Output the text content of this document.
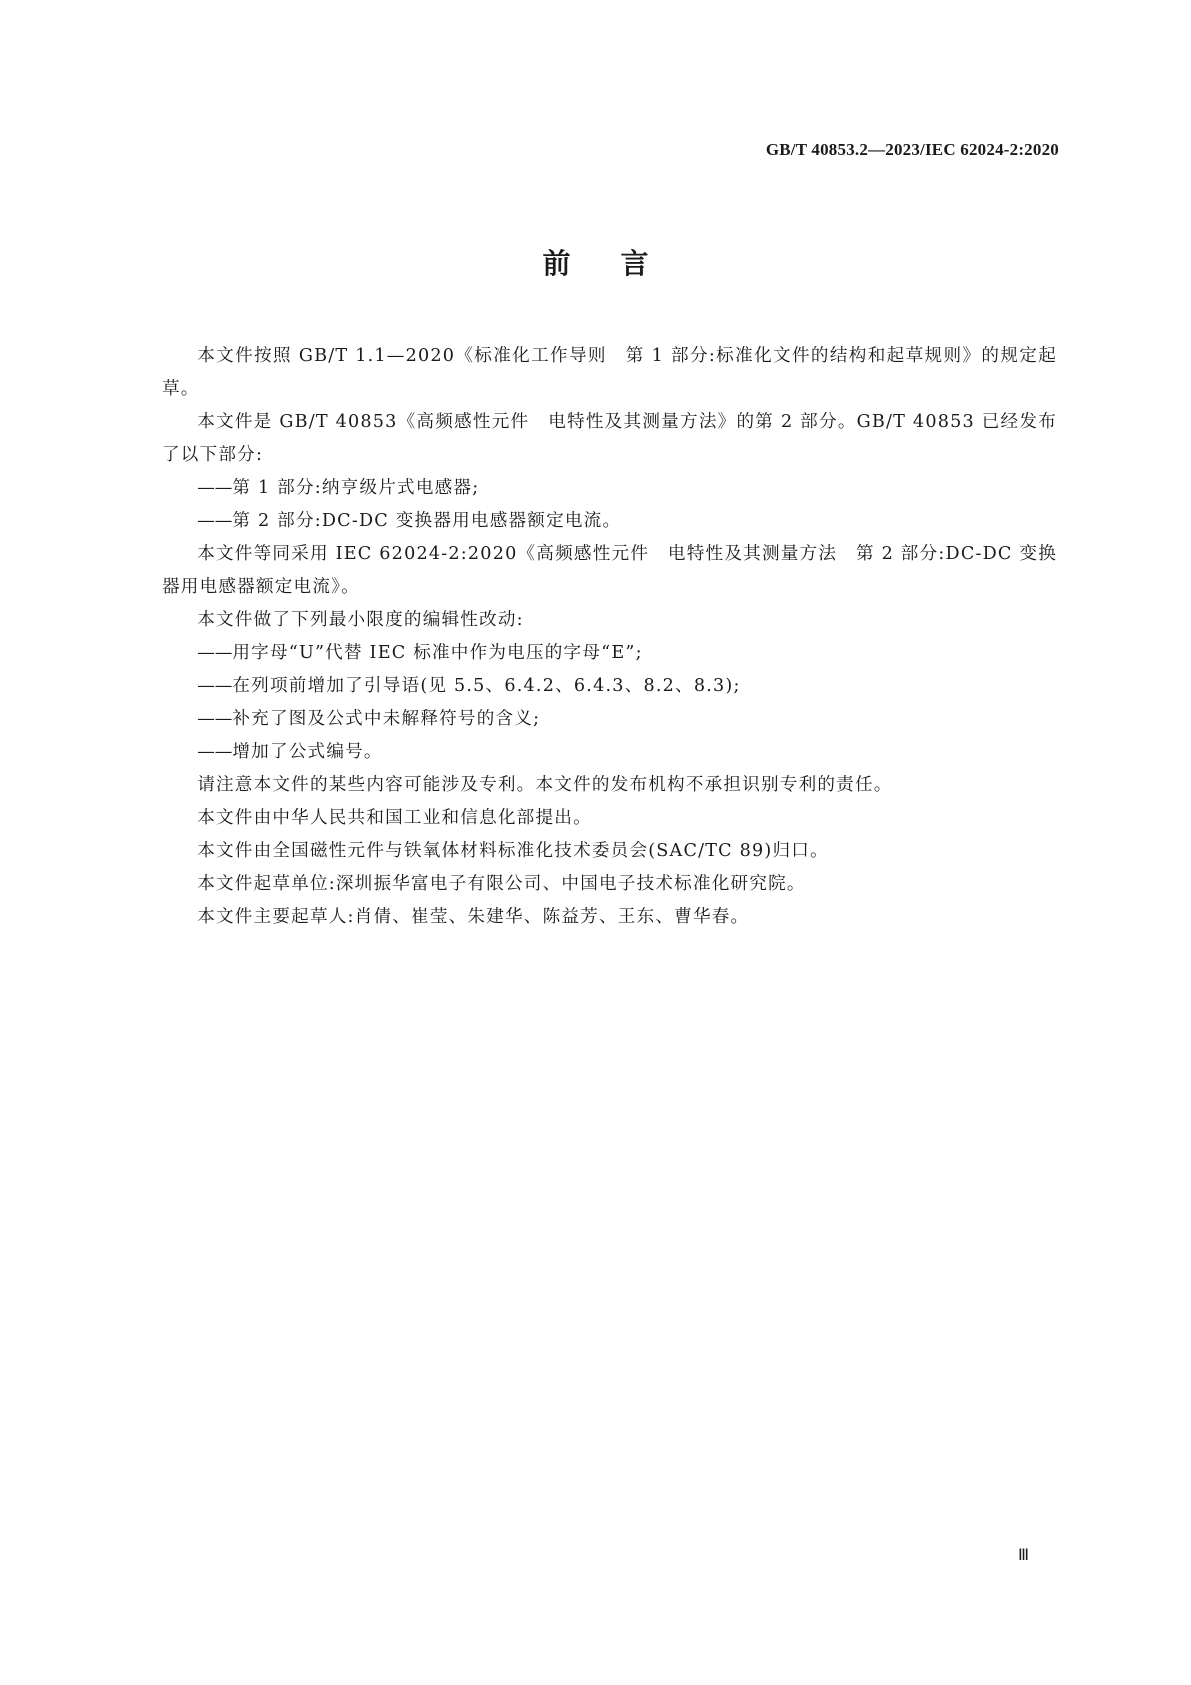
GB/T 40853.2—2023/IEC 62024-2:2020
前言

本文件按照 GB/T 1.1—2020《标准化工作导则　第 1 部分:标准化文件的结构和起草规则》的规定起草。

本文件是 GB/T 40853《高频感性元件　电特性及其测量方法》的第 2 部分。GB/T 40853 已经发布了以下部分:

——第 1 部分:纳亨级片式电感器;

——第 2 部分:DC-DC 变换器用电感器额定电流。

本文件等同采用 IEC 62024-2:2020《高频感性元件　电特性及其测量方法　第 2 部分:DC-DC 变换器用电感器额定电流》。

本文件做了下列最小限度的编辑性改动:

——用字母“U”代替 IEC 标准中作为电压的字母“E”;

——在列项前增加了引导语(见 5.5、6.4.2、6.4.3、8.2、8.3);

——补充了图及公式中未解释符号的含义;

——增加了公式编号。

请注意本文件的某些内容可能涉及专利。本文件的发布机构不承担识别专利的责任。

本文件由中华人民共和国工业和信息化部提出。

本文件由全国磁性元件与铁氧体材料标准化技术委员会(SAC/TC 89)归口。

本文件起草单位:深圳振华富电子有限公司、中国电子技术标准化研究院。

本文件主要起草人:肖倩、崔莹、朱建华、陈益芳、王东、曹华春。

Ⅲ
